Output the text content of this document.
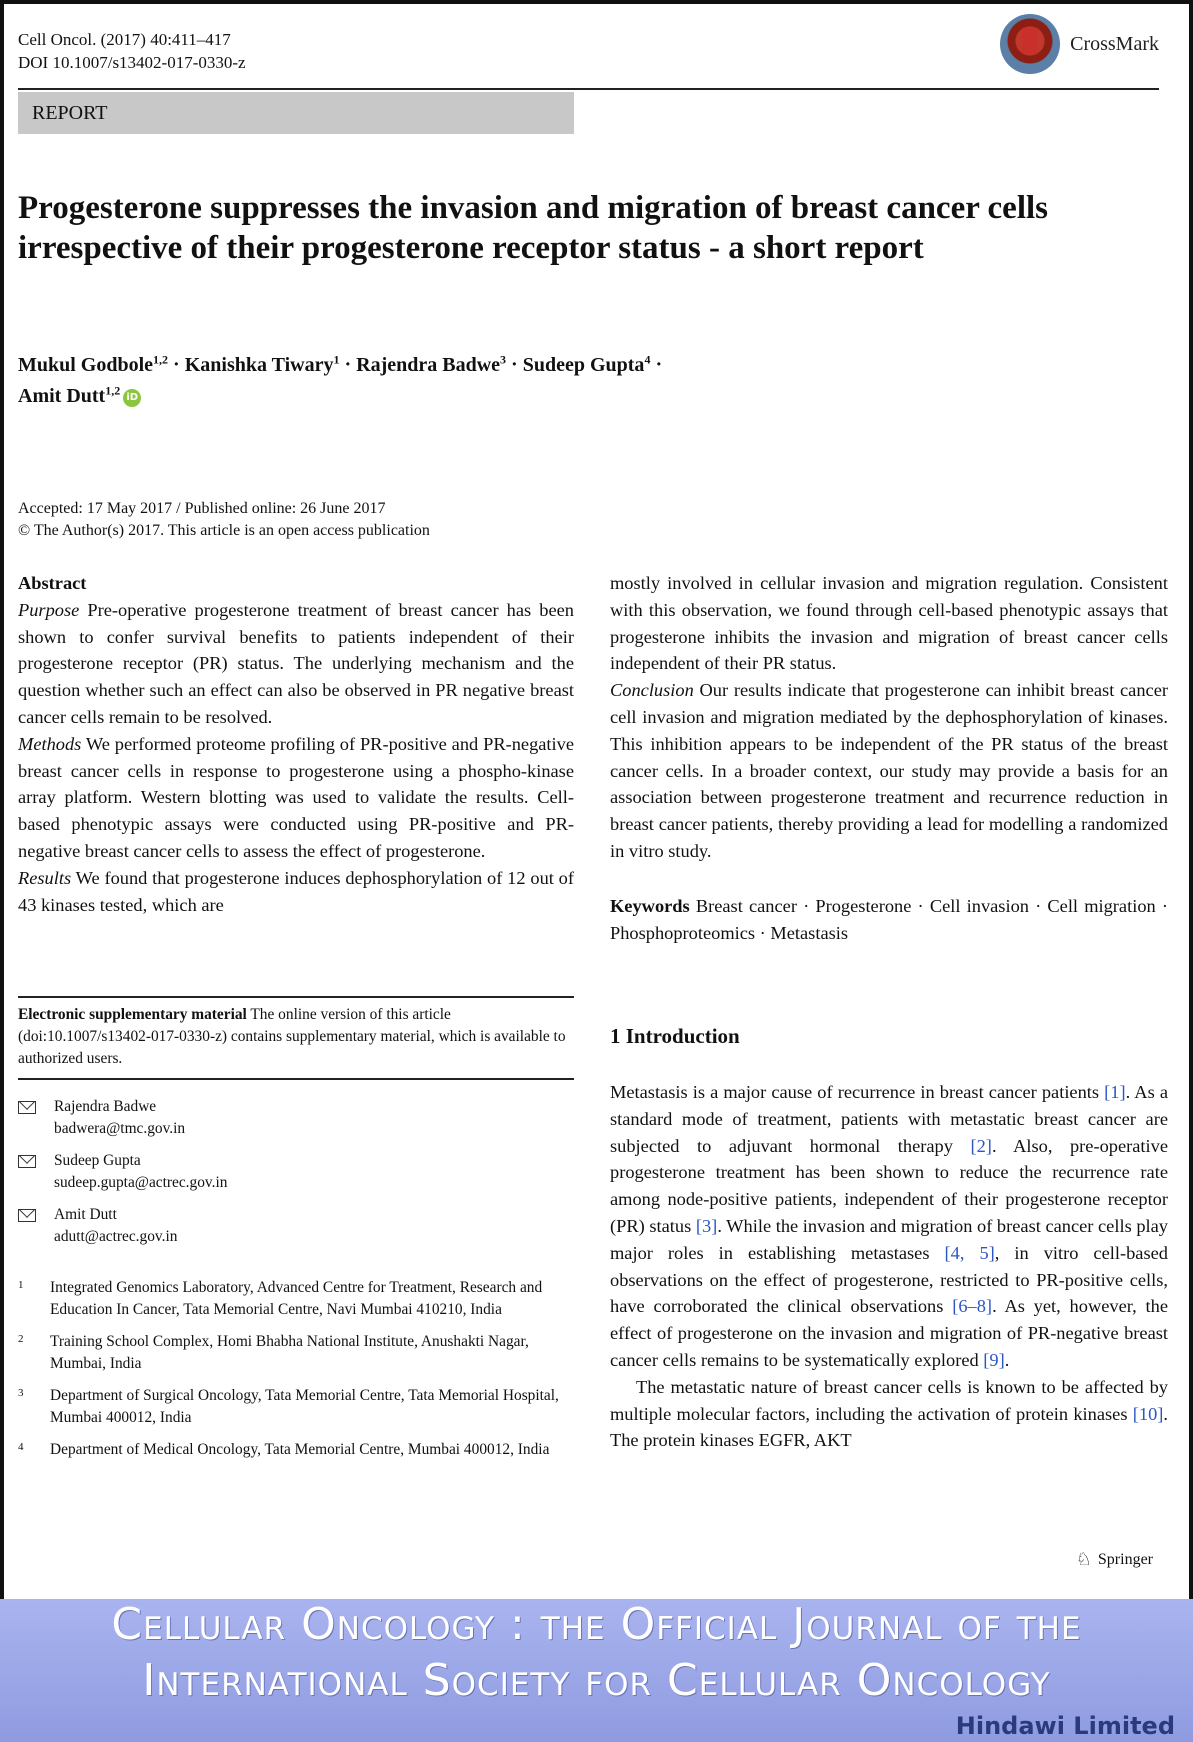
Cell Oncol. (2017) 40:411–417
DOI 10.1007/s13402-017-0330-z
CrossMark
REPORT
Progesterone suppresses the invasion and migration of breast cancer cells irrespective of their progesterone receptor status - a short report
Mukul Godbole$^{1,2}$ · Kanishka Tiwary$^1$ · Rajendra Badwe$^3$ · Sudeep Gupta$^4$ ·
Amit Dutt$^{1,2}$ iD
Accepted: 17 May 2017 / Published online: 26 June 2017
© The Author(s) 2017. This article is an open access publication

Abstract

Purpose Pre-operative progesterone treatment of breast cancer has been shown to confer survival benefits to patients independent of their progesterone receptor (PR) status. The underlying mechanism and the question whether such an effect can also be observed in PR negative breast cancer cells remain to be resolved.

Methods We performed proteome profiling of PR-positive and PR-negative breast cancer cells in response to progesterone using a phospho-kinase array platform. Western blotting was used to validate the results. Cell-based phenotypic assays were conducted using PR-positive and PR-negative breast cancer cells to assess the effect of progesterone.

Results We found that progesterone induces dephosphorylation of 12 out of 43 kinases tested, which are

mostly involved in cellular invasion and migration regulation. Consistent with this observation, we found through cell-based phenotypic assays that progesterone inhibits the invasion and migration of breast cancer cells independent of their PR status.

Conclusion Our results indicate that progesterone can inhibit breast cancer cell invasion and migration mediated by the dephosphorylation of kinases. This inhibition appears to be independent of the PR status of the breast cancer cells. In a broader context, our study may provide a basis for an association between progesterone treatment and recurrence reduction in breast cancer patients, thereby providing a lead for modelling a randomized in vitro study.

Keywords Breast cancer · Progesterone · Cell invasion · Cell migration · Phosphoproteomics · Metastasis

Electronic supplementary material The online version of this article (doi:10.1007/s13402-017-0330-z) contains supplementary material, which is available to authorized users.
Rajendra Badwe
badwera@tmc.gov.in
Sudeep Gupta
sudeep.gupta@actrec.gov.in
Amit Dutt
adutt@actrec.gov.in
1	Integrated Genomics Laboratory, Advanced Centre for Treatment, Research and Education In Cancer, Tata Memorial Centre, Navi Mumbai 410210, India
2	Training School Complex, Homi Bhabha National Institute, Anushakti Nagar, Mumbai, India
3	Department of Surgical Oncology, Tata Memorial Centre, Tata Memorial Hospital, Mumbai 400012, India
4	Department of Medical Oncology, Tata Memorial Centre, Mumbai 400012, India
1 Introduction

Metastasis is a major cause of recurrence in breast cancer patients [1]. As a standard mode of treatment, patients with metastatic breast cancer are subjected to adjuvant hormonal therapy [2]. Also, pre-operative progesterone treatment has been shown to reduce the recurrence rate among node-positive patients, independent of their progesterone receptor (PR) status [3]. While the invasion and migration of breast cancer cells play major roles in establishing metastases [4, 5], in vitro cell-based observations on the effect of progesterone, restricted to PR-positive cells, have corroborated the clinical observations [6–8]. As yet, however, the effect of progesterone on the invasion and migration of PR-negative breast cancer cells remains to be systematically explored [9].

The metastatic nature of breast cancer cells is known to be affected by multiple molecular factors, including the activation of protein kinases [10]. The protein kinases EGFR, AKT

♘ Springer
Cellular Oncology : the Official Journal of the
International Society for Cellular Oncology
Hindawi Limited
